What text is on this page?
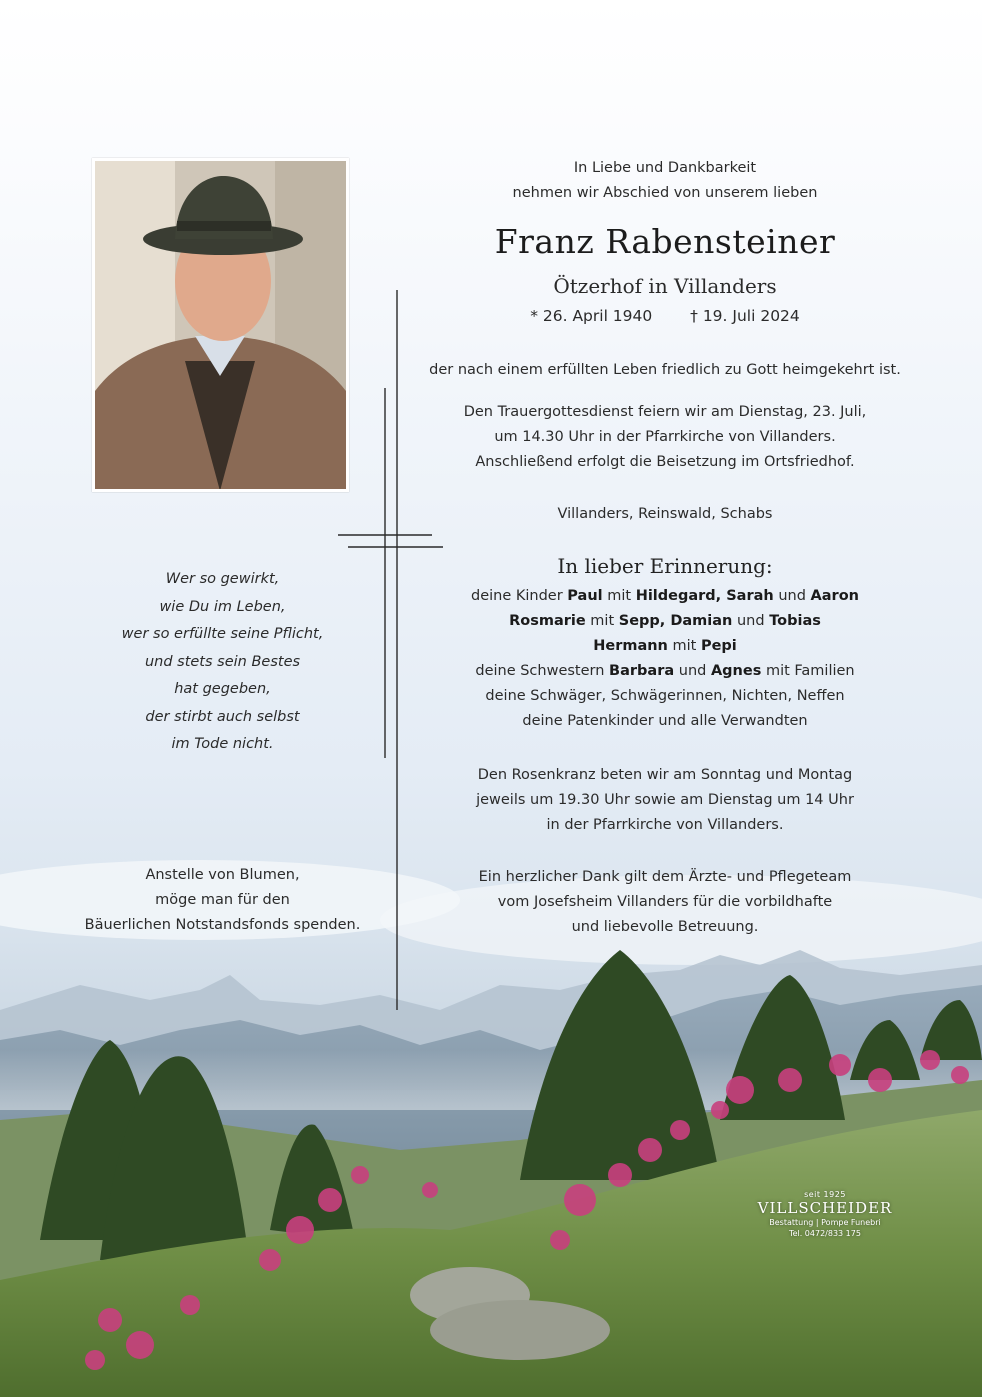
In Liebe und Dankbarkeit
nehmen wir Abschied von unserem lieben
Franz Rabensteiner
Ötzerhof in Villanders
* 26. April 1940 † 19. Juli 2024
der nach einem erfüllten Leben friedlich zu Gott heimgekehrt ist.
Den Trauergottesdienst feiern wir am Dienstag, 23. Juli,
um 14.30 Uhr in der Pfarrkirche von Villanders.
Anschließend erfolgt die Beisetzung im Ortsfriedhof.
Villanders, Reinswald, Schabs
In lieber Erinnerung:
deine Kinder Paul mit Hildegard, Sarah und Aaron
Rosmarie mit Sepp, Damian und Tobias
Hermann mit Pepi
deine Schwestern Barbara und Agnes mit Familien
deine Schwäger, Schwägerinnen, Nichten, Neffen
deine Patenkinder und alle Verwandten
Den Rosenkranz beten wir am Sonntag und Montag
jeweils um 19.30 Uhr sowie am Dienstag um 14 Uhr
in der Pfarrkirche von Villanders.
Ein herzlicher Dank gilt dem Ärzte- und Pflegeteam
vom Josefsheim Villanders für die vorbildhafte
und liebevolle Betreuung.
Wer so gewirkt,
wie Du im Leben,
wer so erfüllte seine Pflicht,
und stets sein Bestes
hat gegeben,
der stirbt auch selbst
im Tode nicht.
Anstelle von Blumen,
möge man für den
Bäuerlichen Notstandsfonds spenden.
seit 1925
VILLSCHEIDER
Bestattung | Pompe Funebri
Tel. 0472/833 175
